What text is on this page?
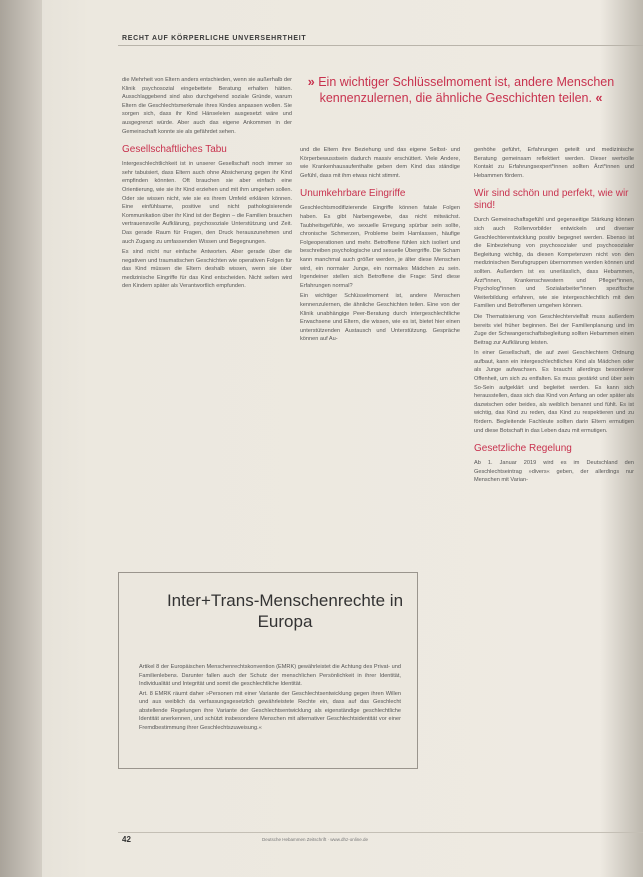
RECHT AUF KÖRPERLICHE UNVERSEHRTHEIT

die Mehrheit von Eltern anders entschieden, wenn sie außerhalb der Klinik psychosozial eingebettete Beratung erhalten hätten. Ausschlaggebend sind also durchgehend soziale Gründe, warum Eltern die Geschlechtsmerkmale ihres Kindes anpassen wollen. Sie sorgen sich, dass ihr Kind Hänseleien ausgesetzt wäre und ausgegrenzt würde. Aber auch das eigene Ankommen in der Gemeinschaft konnte sie als gefährdet sehen.

Gesellschaftliches Tabu

Intergeschlechtlichkeit ist in unserer Gesellschaft noch immer so sehr tabuisiert, dass Eltern auch ohne Absicherung gegen ihr Kind empfinden könnten. Oft brauchen sie aber einfach eine Orientierung, wie sie ihr Kind erziehen und mit ihm umgehen sollen. Oder sie wissen nicht, wie sie es ihrem Umfeld erklären können. Eine einfühlsame, positive und nicht pathologisierende Kommunikation über ihr Kind ist der Beginn – die Familien brauchen vertrauensvolle Aufklärung, psychosoziale Unterstützung und Zeit. Das gerade Raum für Fragen, den Druck herauszunehmen und auch Zugang zu umfassenden Wissen und Begegnungen.

Es sind nicht nur einfache Antworten. Aber gerade über die negativen und traumatischen Geschichten wie operativen Folgen für das Kind müssen die Eltern deshalb wissen, wenn sie über medizinische Eingriffe für das Kind entscheiden. Nicht selten wird den Kindern später als Verantwortlich empfunden.

» Ein wichtiger Schlüsselmoment ist, andere Menschen kennenzulernen, die ähnliche Geschichten teilen. «

und die Eltern ihre Beziehung und das eigene Selbst- und Körperbewusstsein dadurch massiv erschüttert. Viele Andere, wie Krankenhausaufenthalte geben dem Kind das ständige Gefühl, dass mit ihm etwas nicht stimmt.

Unumkehrbare Eingriffe

Geschlechtsmodifizierende Eingriffe können fatale Folgen haben. Es gibt Narbengewebe, das nicht mitwächst. Taubheitsgefühle, wo sexuelle Erregung spürbar sein sollte, chronische Schmerzen, Probleme beim Harnlassen, häufige Folgeoperationen und mehr. Betroffene fühlen sich isoliert und beschreiben psychologische und sexuelle Übergriffe. Die Scham kann manchmal auch größer werden, je älter diese Menschen wird, ein normaler Junge, ein normales Mädchen zu sein. Irgendeiner stellen sich Betroffene die Frage: Sind diese Erfahrungen normal?

Ein wichtiger Schlüsselmoment ist, andere Menschen kennenzulernen, die ähnliche Geschichten teilen. Eine von der Klinik unabhängige Peer-Beratung durch intergeschlechtliche Erwachsene und Eltern, die wissen, wie es ist, bietet hier einen unterstützenden Austausch und Unterstützung. Gespräche können auf Au-

genhöhe geführt, Erfahrungen geteilt und medizinische Beratung gemeinsam reflektiert werden. Dieser wertvolle Kontakt zu Erfahrungsexpert*innen sollten Ärzt*innen und Hebammen fördern.

Wir sind schön und perfekt, wie wir sind!

Durch Gemeinschaftsgefühl und gegenseitige Stärkung können sich auch Rollenvorbilder entwickeln und diverser Geschlechterentwicklung positiv begegnet werden. Ebenso ist die Einbeziehung von psychosozialer und psychosozialer Begleitung wichtig, da diesen Kompetenzen nicht von den medizinischen Berufsgruppen übernommen werden können und sollten. Außerdem ist es unerlässlich, dass Hebammen, Ärzt*innen, Krankenschwestern und Pfleger*innen, Psycholog*innen und Sozialarbeiter*innen spezifische Weiterbildung erfahren, wie sie intergeschlechtlich mit den Familien und Betroffenen umgehen können.

Die Thematisierung von Geschlechtervielfalt muss außerdem bereits viel früher beginnen. Bei der Familienplanung und im Zuge der Schwangerschaftsbegleitung sollten Hebammen einen Beitrag zur Aufklärung leisten.

In einer Gesellschaft, die auf zwei Geschlechtern Ordnung aufbaut, kann ein intergeschlechtliches Kind als Mädchen oder als Junge aufwachsen. Es braucht allerdings besonderer Offenheit, um sich zu entfalten. Es muss gestärkt und über sein So-Sein aufgeklärt und begleitet werden. Es kann sich herausstellen, dass sich das Kind von Anfang an oder später als dazwischen oder beides, als weiblich benannt und fühlt. Es ist wichtig, das Kind zu reden, das Kind zu respektieren und zu fördern. Begleitende Fachleute sollten darin Eltern ermutigen und diese Botschaft in das Leben dazu mit ermutigen.

Gesetzliche Regelung

Ab 1. Januar 2019 wird es im Deutschland den Geschlechtseintrag »divers« geben, der allerdings nur Menschen mit Varian-

Inter+Trans-Menschenrechte in Europa

Artikel 8 der Europäischen Menschenrechtskonvention (EMRK) gewährleistet die Achtung des Privat- und Familienlebens. Darunter fallen auch der Schutz der menschlichen Persönlichkeit in ihrer Identität, Individualität und Integrität und somit die geschlechtliche Identität.

Art. 8 EMRK räumt daher »Personen mit einer Variante der Geschlechtsentwicklung gegen ihren Willen und aus weiblich da verfassungsgesetzlich gewährleistete Rechte ein, dass auf das Geschlecht abstellende Regelungen ihre Variante der Geschlechtsentwicklung als eigenständige geschlechtliche Identität anerkennen, und schützt insbesondere Menschen mit alternativer Geschlechtsidentität vor einer Fremdbestimmung ihrer Geschlechtszuweisung.«

42	Deutsche Hebammen Zeitschrift · www.dhz-online.de
